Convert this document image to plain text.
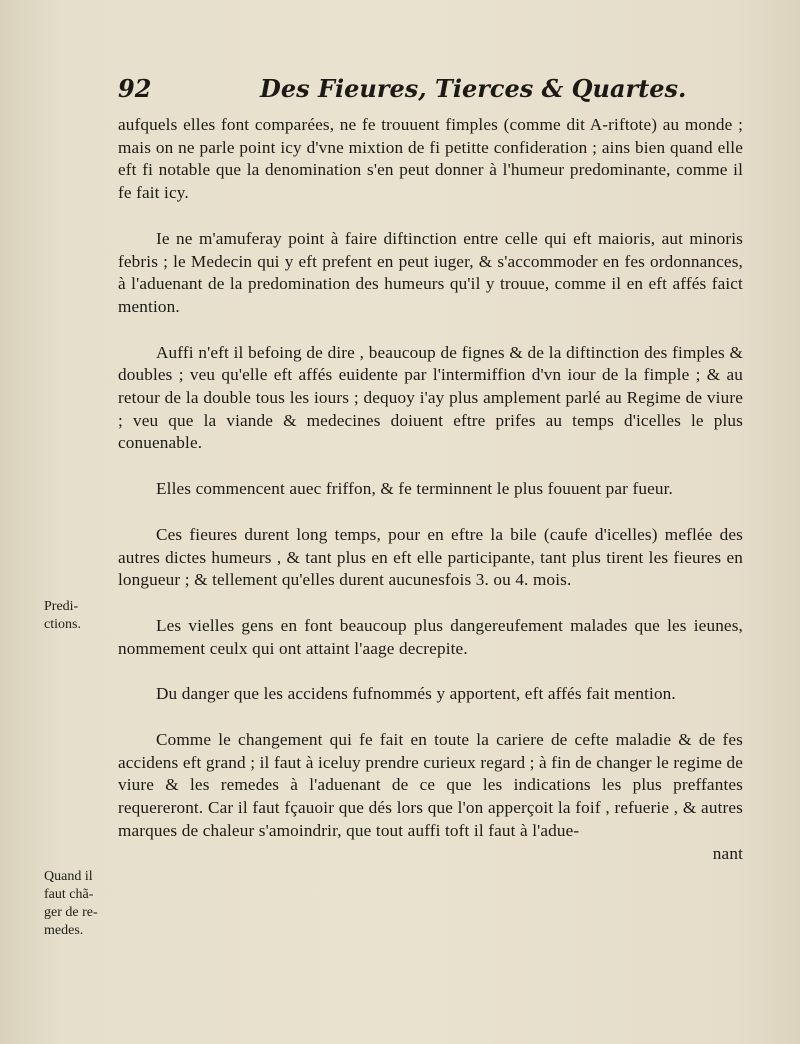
92	Des Fieures, Tierces & Quartes.

aufquels elles font comparées, ne fe trouuent fimples (comme dit A-riftote) au monde ; mais on ne parle point icy d'vne mixtion de fi petitte confideration ; ains bien quand elle eft fi notable que la denomination s'en peut donner à l'humeur predominante, comme il fe fait icy.

Ie ne m'amuferay point à faire diftinction entre celle qui eft maioris, aut minoris febris ; le Medecin qui y eft prefent en peut iuger, & s'accommoder en fes ordonnances, à l'aduenant de la predomination des humeurs qu'il y trouue, comme il en eft affés faict mention.

Auffi n'eft il befoing de dire , beaucoup de fignes & de la diftinction des fimples & doubles ; veu qu'elle eft affés euidente par l'intermiffion d'vn iour de la fimple ; & au retour de la double tous les iours ; dequoy i'ay plus amplement parlé au Regime de viure ; veu que la viande & medecines doiuent eftre prifes au temps d'icelles le plus conuenable.

Elles commencent auec friffon, & fe terminnent le plus fouuent par fueur.

Ces fieures durent long temps, pour en eftre la bile (caufe d'icelles) meflée des autres dictes humeurs , & tant plus en eft elle participante, tant plus tirent les fieures en longueur ; & tellement qu'elles durent aucunesfois 3. ou 4. mois.

Les vielles gens en font beaucoup plus dangereufement malades que les ieunes, nommement ceulx qui ont attaint l'aage decrepite.

Du danger que les accidens fufnommés y apportent, eft affés fait mention.

Comme le changement qui fe fait en toute la cariere de cefte maladie & de fes accidens eft grand ; il faut à iceluy prendre curieux regard ; à fin de changer le regime de viure & les remedes à l'aduenant de ce que les indications les plus preffantes requereront. Car il faut fçauoir que dés lors que l'on apperçoit la foif , refuerie , & autres marques de chaleur s'amoindrir, que tout auffi toft il faut à l'adue-

nant
Predi-
ctions.
Quand il
faut chã-
ger de re-
medes.
